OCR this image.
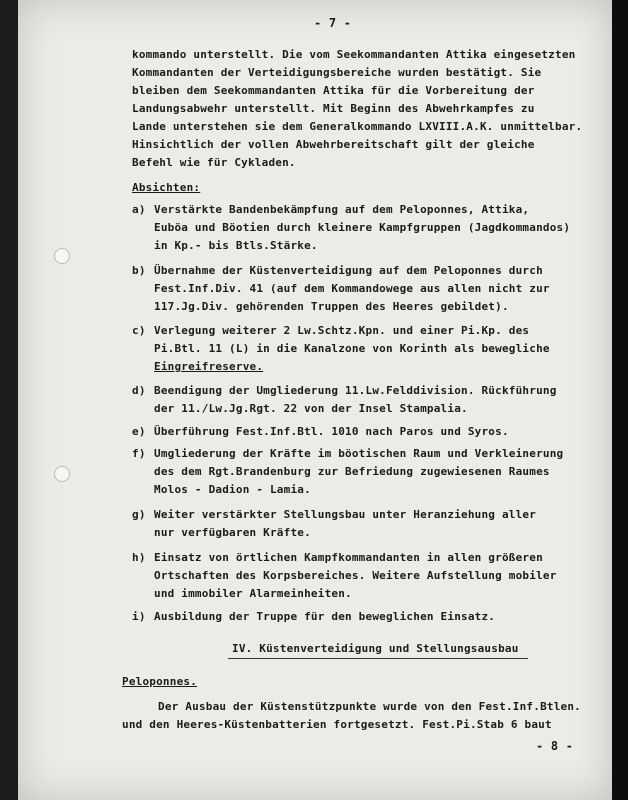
- 7 -
kommando unterstellt. Die vom Seekommandanten Attika eingesetzten
Kommandanten der Verteidigungsbereiche wurden bestätigt. Sie
bleiben dem Seekommandanten Attika für die Vorbereitung der
Landungsabwehr unterstellt. Mit Beginn des Abwehrkampfes zu
Lande unterstehen sie dem Generalkommando LXVIII.A.K. unmittelbar.
Hinsichtlich der vollen Abwehrbereitschaft gilt der gleiche
Befehl wie für Cykladen.
Absichten:
a) Verstärkte Bandenbekämpfung auf dem Peloponnes, Attika,
Euböa und Böotien durch kleinere Kampfgruppen (Jagdkommandos)
in Kp.- bis Btls.Stärke.
b) Übernahme der Küstenverteidigung auf dem Peloponnes durch
Fest.Inf.Div. 41 (auf dem Kommandowege aus allen nicht zur
117.Jg.Div. gehörenden Truppen des Heeres gebildet).
c) Verlegung weiterer 2 Lw.Schtz.Kpn. und einer Pi.Kp. des
Pi.Btl. 11 (L) in die Kanalzone von Korinth als bewegliche
Eingreifreserve.
d) Beendigung der Umgliederung 11.Lw.Felddivision. Rückführung
der 11./Lw.Jg.Rgt. 22 von der Insel Stampalia.
e) Überführung Fest.Inf.Btl. 1010 nach Paros und Syros.
f) Umgliederung der Kräfte im böotischen Raum und Verkleinerung
des dem Rgt.Brandenburg zur Befriedung zugewiesenen Raumes
Molos - Dadion - Lamia.
g) Weiter verstärkter Stellungsbau unter Heranziehung aller
nur verfügbaren Kräfte.
h) Einsatz von örtlichen Kampfkommandanten in allen größeren
Ortschaften des Korpsbereiches. Weitere Aufstellung mobiler
und immobiler Alarmeinheiten.
i) Ausbildung der Truppe für den beweglichen Einsatz.
IV. Küstenverteidigung und Stellungsausbau
Peloponnes.
Der Ausbau der Küstenstützpunkte wurde von den Fest.Inf.Btlen.
und den Heeres-Küstenbatterien fortgesetzt. Fest.Pi.Stab 6 baut
- 8 -
